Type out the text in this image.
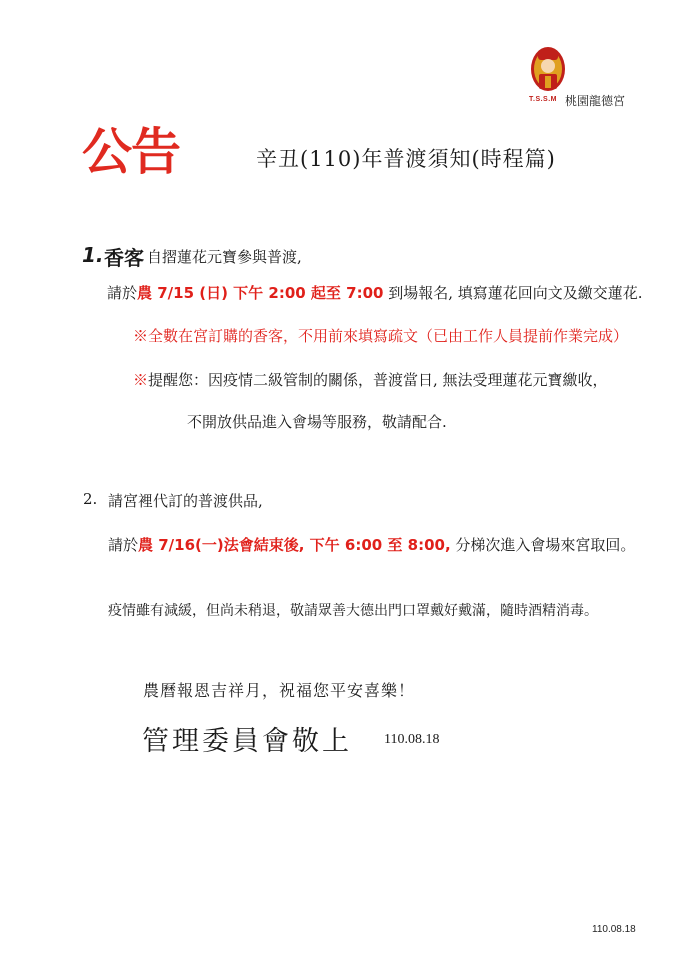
T.S.S.M 桃園龍德宮
公告	辛丑(110)年普渡須知(時程篇)
1. 香客 自摺蓮花元寶參與普渡,
請於農 7/15 (日) 下午 2:00 起至 7:00 到場報名, 填寫蓮花回向文及繳交蓮花.
※全數在宮訂購的香客，不用前來填寫疏文（已由工作人員提前作業完成）
※提醒您：因疫情二級管制的關係，普渡當日, 無法受理蓮花元寶繳收，
不開放供品進入會場等服務，敬請配合.
2. 請宮裡代訂的普渡供品,
請於農 7/16(一)法會結束後, 下午 6:00 至 8:00, 分梯次進入會場來宮取回。
疫情雖有減緩，但尚未稍退，敬請眾善大德出門口罩戴好戴滿，隨時酒精消毒。
農曆報恩吉祥月，祝福您平安喜樂！
管理委員會敬上 110.08.18
110.08.18
